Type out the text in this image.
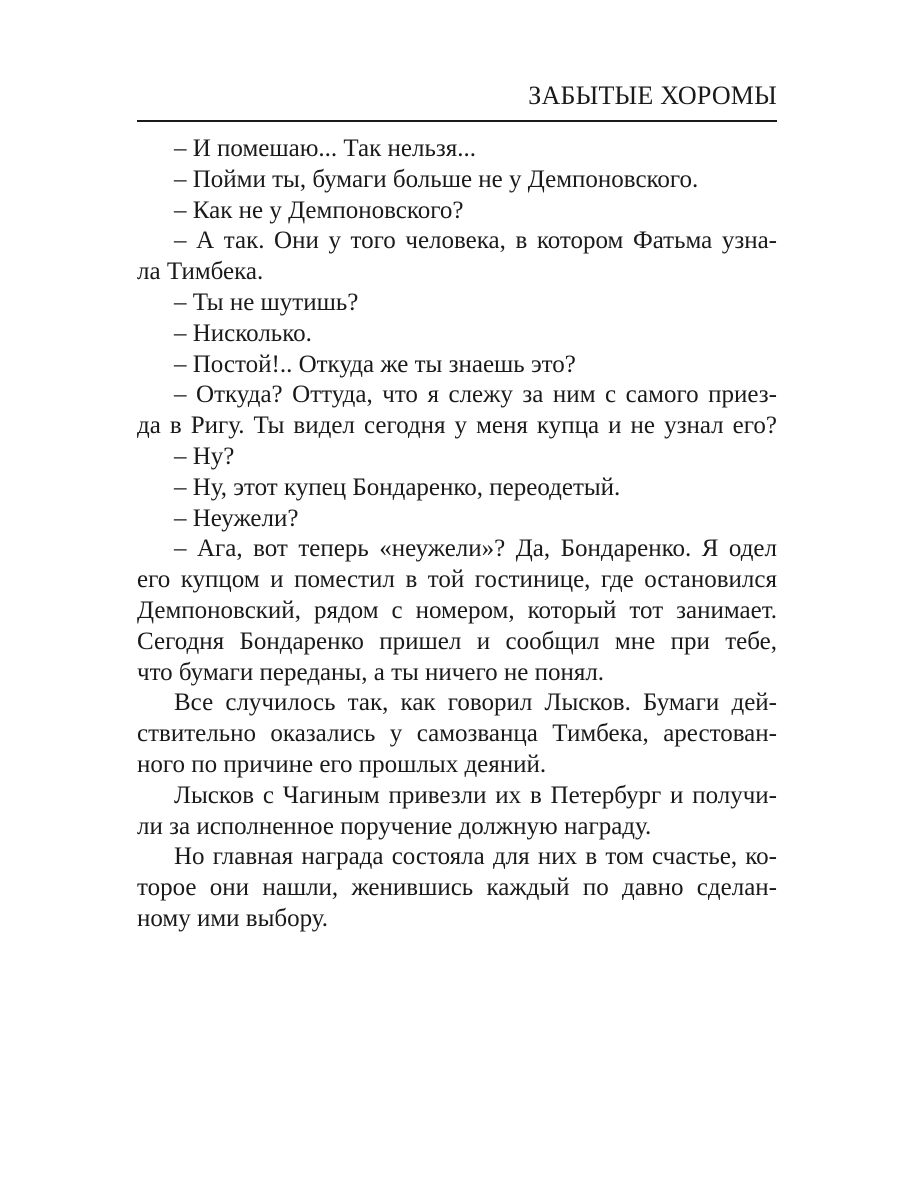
ЗАБЫТЫЕ ХОРОМЫ
– И помешаю... Так нельзя...
– Пойми ты, бумаги больше не у Демпоновского.
– Как не у Демпоновского?
– А так. Они у того человека, в котором Фатьма узна-
ла Тимбека.
– Ты не шутишь?
– Нисколько.
– Постой!.. Откуда же ты знаешь это?
– Откуда? Оттуда, что я слежу за ним с самого приез-
да в Ригу. Ты видел сегодня у меня купца и не узнал его?
– Ну?
– Ну, этот купец Бондаренко, переодетый.
– Неужели?
– Ага, вот теперь «неужели»? Да, Бондаренко. Я одел
его купцом и поместил в той гостинице, где остановился
Демпоновский, рядом с номером, который тот занимает.
Сегодня Бондаренко пришел и сообщил мне при тебе,
что бумаги переданы, а ты ничего не понял.
Все случилось так, как говорил Лысков. Бумаги дей-
ствительно оказались у самозванца Тимбека, арестован-
ного по причине его прошлых деяний.
Лысков с Чагиным привезли их в Петербург и получи-
ли за исполненное поручение должную награду.
Но главная награда состояла для них в том счастье, ко-
торое они нашли, женившись каждый по давно сделан-
ному ими выбору.
